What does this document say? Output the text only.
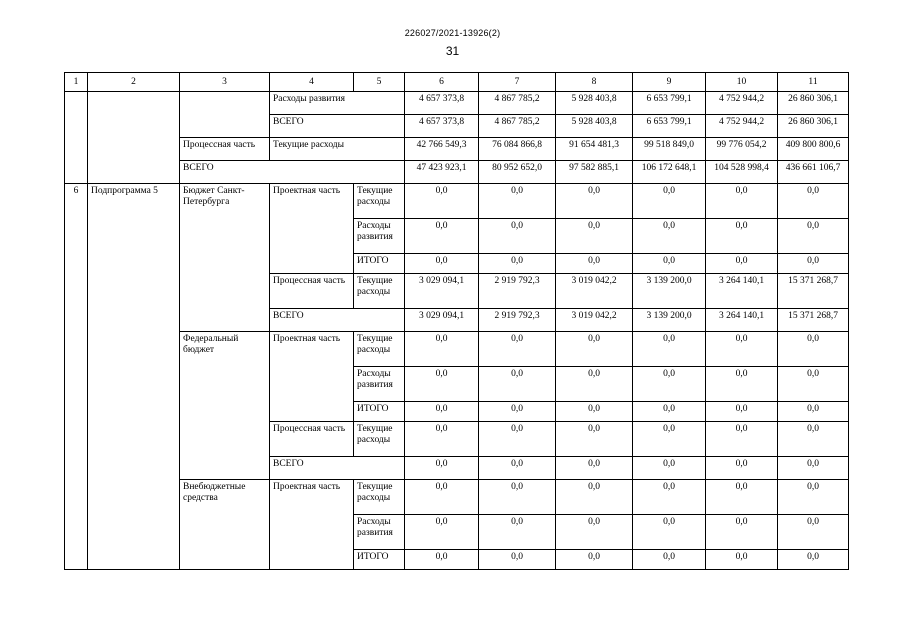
226027/2021-13926(2)
31
1	2	3	4	5	6	7	8	9	10	11
			Расходы развития		4 657 373,8	4 867 785,2	5 928 403,8	6 653 799,1	4 752 944,2	26 860 306,1
			ВСЕГО		4 657 373,8	4 867 785,2	5 928 403,8	6 653 799,1	4 752 944,2	26 860 306,1
		Процессная часть	Текущие расходы		42 766 549,3	76 084 866,8	91 654 481,3	99 518 849,0	99 776 054,2	409 800 800,6
		ВСЕГО			47 423 923,1	80 952 652,0	97 582 885,1	106 172 648,1	104 528 998,4	436 661 106,7
6	Подпрограмма 5	Бюджет Санкт-Петербурга	Проектная часть	Текущие расходы	0,0	0,0	0,0	0,0	0,0	0,0
				Расходы развития	0,0	0,0	0,0	0,0	0,0	0,0
				ИТОГО	0,0	0,0	0,0	0,0	0,0	0,0
			Процессная часть	Текущие расходы	3 029 094,1	2 919 792,3	3 019 042,2	3 139 200,0	3 264 140,1	15 371 268,7
			ВСЕГО		3 029 094,1	2 919 792,3	3 019 042,2	3 139 200,0	3 264 140,1	15 371 268,7
		Федеральный бюджет	Проектная часть	Текущие расходы	0,0	0,0	0,0	0,0	0,0	0,0
				Расходы развития	0,0	0,0	0,0	0,0	0,0	0,0
				ИТОГО	0,0	0,0	0,0	0,0	0,0	0,0
			Процессная часть	Текущие расходы	0,0	0,0	0,0	0,0	0,0	0,0
			ВСЕГО		0,0	0,0	0,0	0,0	0,0	0,0
		Внебюджетные средства	Проектная часть	Текущие расходы	0,0	0,0	0,0	0,0	0,0	0,0
				Расходы развития	0,0	0,0	0,0	0,0	0,0	0,0
				ИТОГО	0,0	0,0	0,0	0,0	0,0	0,0
